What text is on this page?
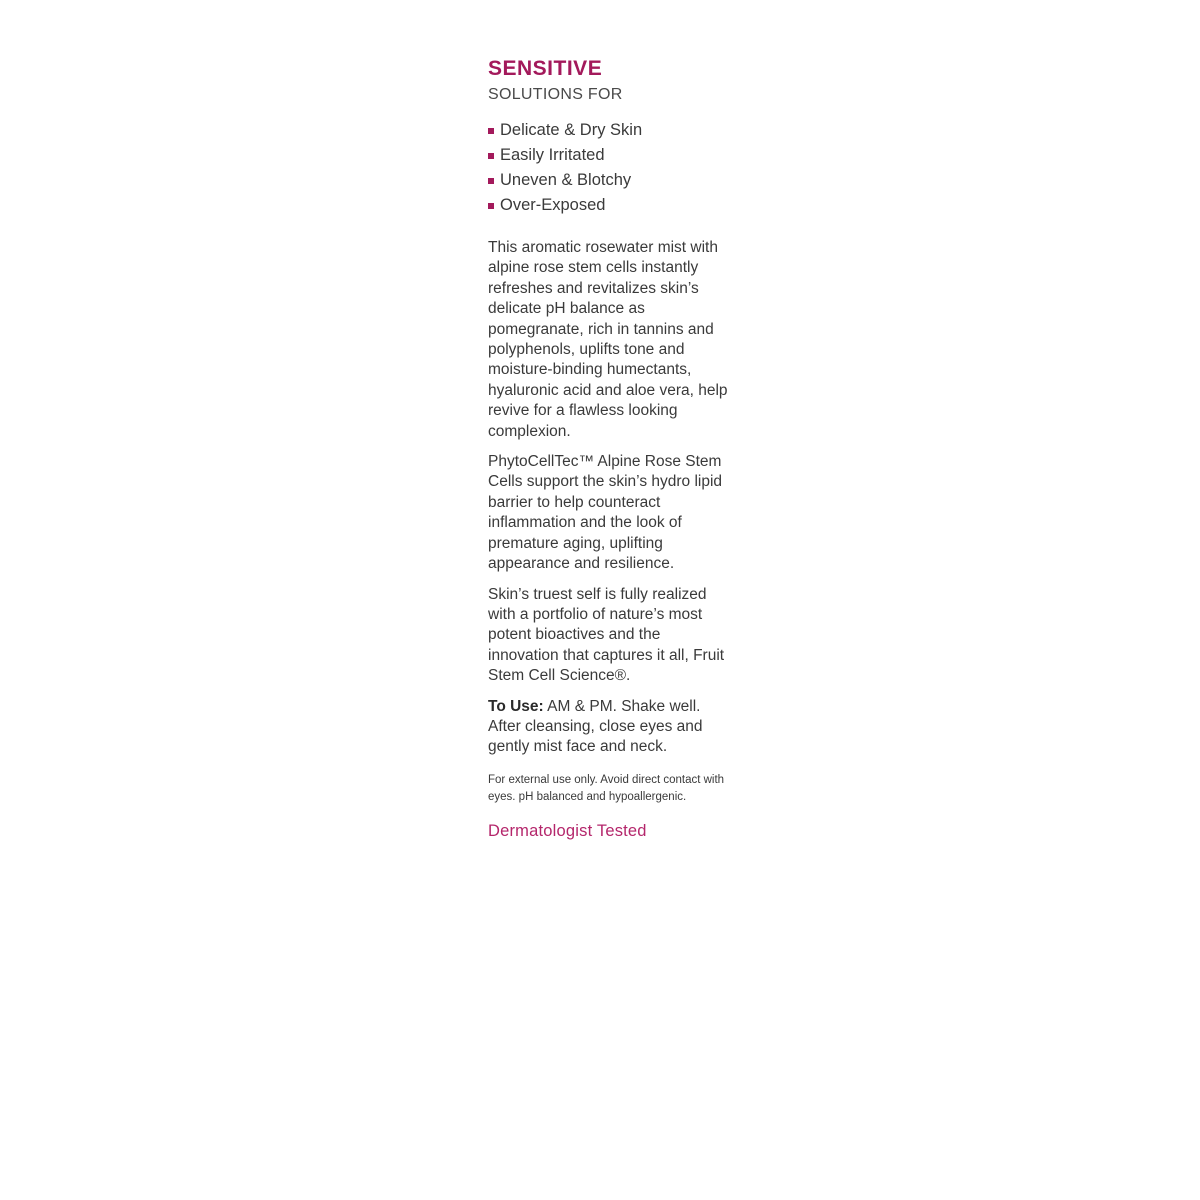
SENSITIVE
SOLUTIONS FOR
Delicate & Dry Skin
Easily Irritated
Uneven & Blotchy
Over-Exposed

This aromatic rosewater mist with alpine rose stem cells instantly refreshes and revitalizes skin’s delicate pH balance as pomegranate, rich in tannins and polyphenols, uplifts tone and moisture-binding humectants, hyaluronic acid and aloe vera, help revive for a flawless looking complexion.

PhytoCellTec™ Alpine Rose Stem Cells support the skin’s hydro lipid barrier to help counteract inflammation and the look of premature aging, uplifting appearance and resilience.

Skin’s truest self is fully realized with a portfolio of nature’s most potent bioactives and the innovation that captures it all, Fruit Stem Cell Science®.

To Use: AM & PM. Shake well. After cleansing, close eyes and gently mist face and neck.

For external use only. Avoid direct contact with eyes. pH balanced and hypoallergenic.

Dermatologist Tested
